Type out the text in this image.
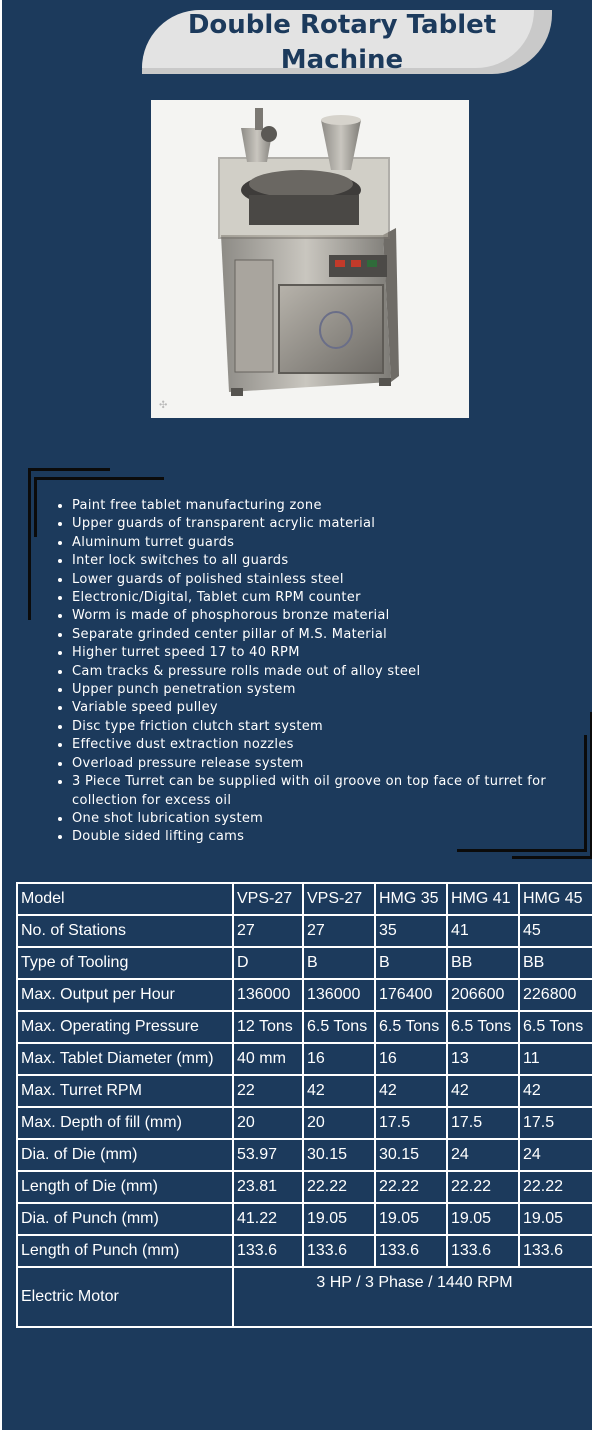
Double Rotary Tablet Machine
✣
• Paint free tablet manufacturing zone
• Upper guards of transparent acrylic material
• Aluminum turret guards
• Inter lock switches to all guards
• Lower guards of polished stainless steel
• Electronic/Digital, Tablet cum RPM counter
• Worm is made of phosphorous bronze material
• Separate grinded center pillar of M.S. Material
• Higher turret speed 17 to 40 RPM
• Cam tracks & pressure rolls made out of alloy steel
• Upper punch penetration system
• Variable speed pulley
• Disc type friction clutch start system
• Effective dust extraction nozzles
• Overload pressure release system
• 3 Piece Turret can be supplied with oil groove on top face of turret for collection for excess oil
• One shot lubrication system
• Double sided lifting cams
Model	VPS-27	VPS-27	HMG 35	HMG 41	HMG 45
No. of Stations	27	27	35	41	45
Type of Tooling	D	B	B	BB	BB
Max. Output per Hour	136000	136000	176400	206600	226800
Max. Operating Pressure	12 Tons	6.5 Tons	6.5 Tons	6.5 Tons	6.5 Tons
Max. Tablet Diameter (mm)	40 mm	16	16	13	11
Max. Turret RPM	22	42	42	42	42
Max. Depth of fill (mm)	20	20	17.5	17.5	17.5
Dia. of Die (mm)	53.97	30.15	30.15	24	24
Length of Die (mm)	23.81	22.22	22.22	22.22	22.22
Dia. of Punch (mm)	41.22	19.05	19.05	19.05	19.05
Length of Punch (mm)	133.6	133.6	133.6	133.6	133.6
Electric Motor	3 HP / 3 Phase / 1440 RPM				
